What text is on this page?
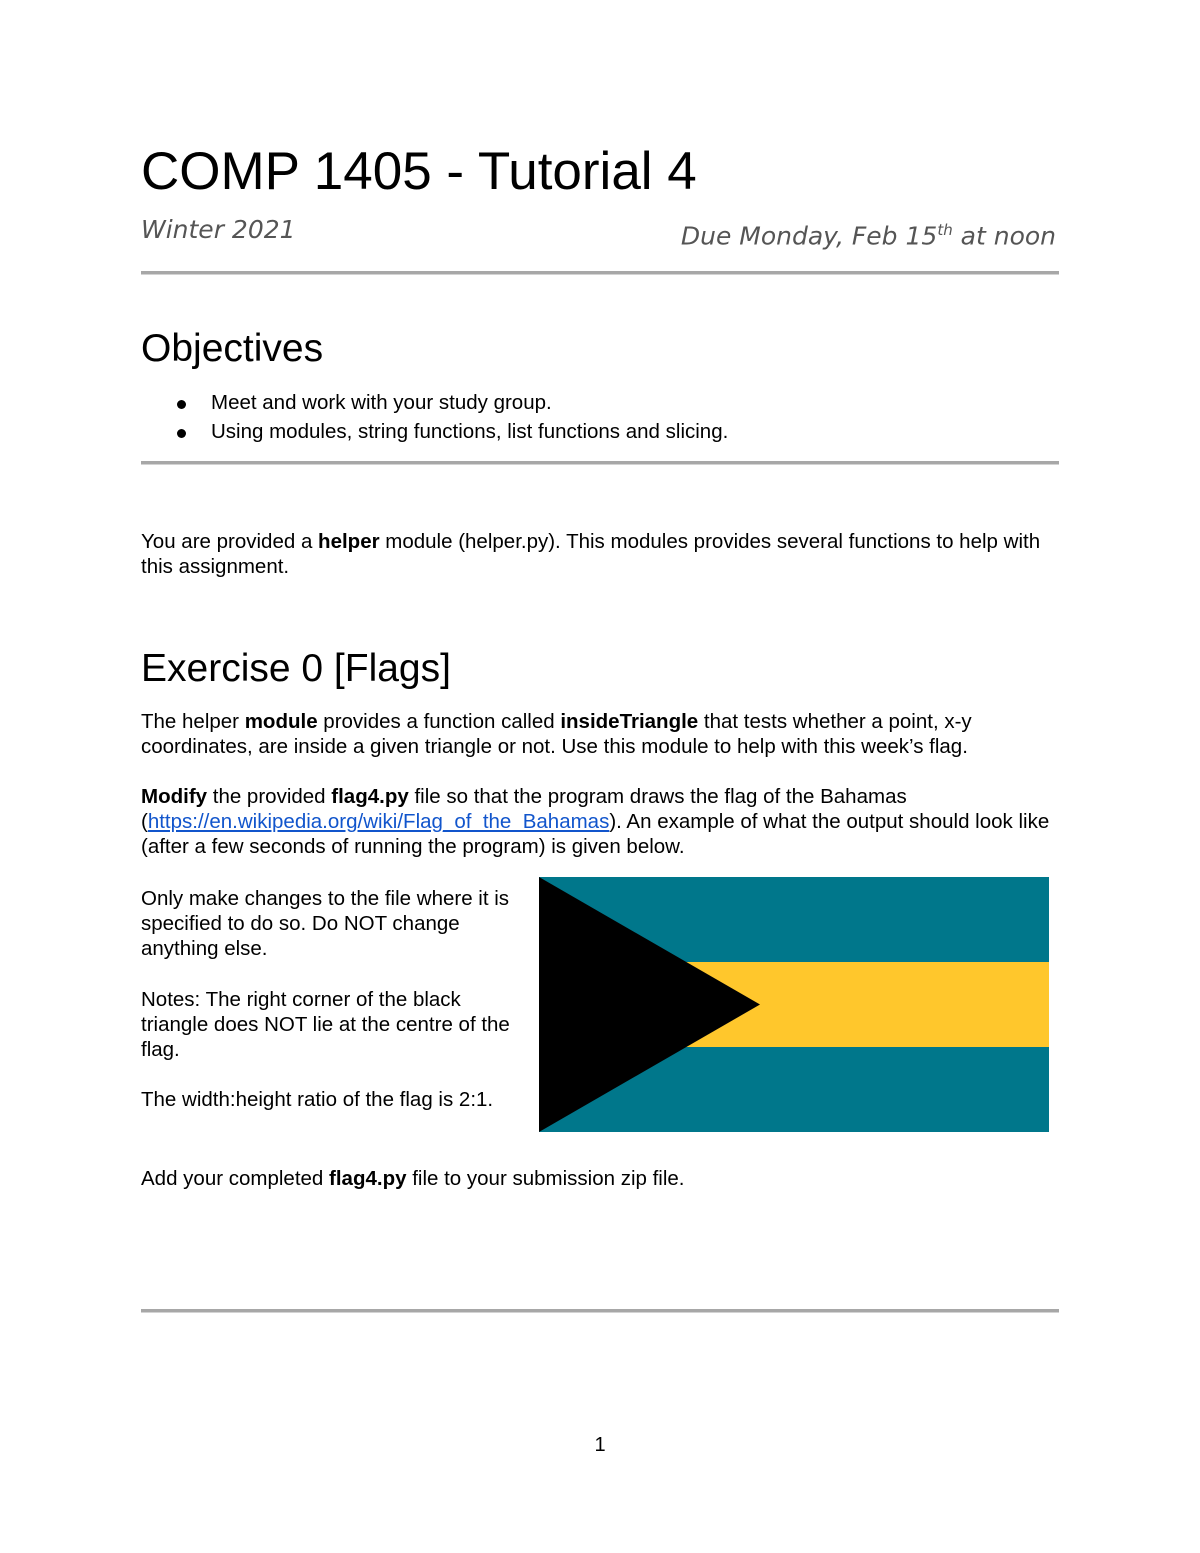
COMP 1405 - Tutorial 4
Winter 2021	Due Monday, Feb 15th at noon
Objectives
Meet and work with your study group.
Using modules, string functions, list functions and slicing.

You are provided a helper module (helper.py). This modules provides several functions to help with this assignment.

Exercise 0 [Flags]

The helper module provides a function called insideTriangle that tests whether a point, x-y coordinates, are inside a given triangle or not. Use this module to help with this week’s flag.

Modify the provided flag4.py file so that the program draws the flag of the Bahamas (https://en.wikipedia.org/wiki/Flag_of_the_Bahamas). An example of what the output should look like (after a few seconds of running the program) is given below.

Only make changes to the file where it is specified to do so. Do NOT change anything else.

Notes: The right corner of the black triangle does NOT lie at the centre of the flag.

The width:height ratio of the flag is 2:1.

Add your completed flag4.py file to your submission zip file.

1
